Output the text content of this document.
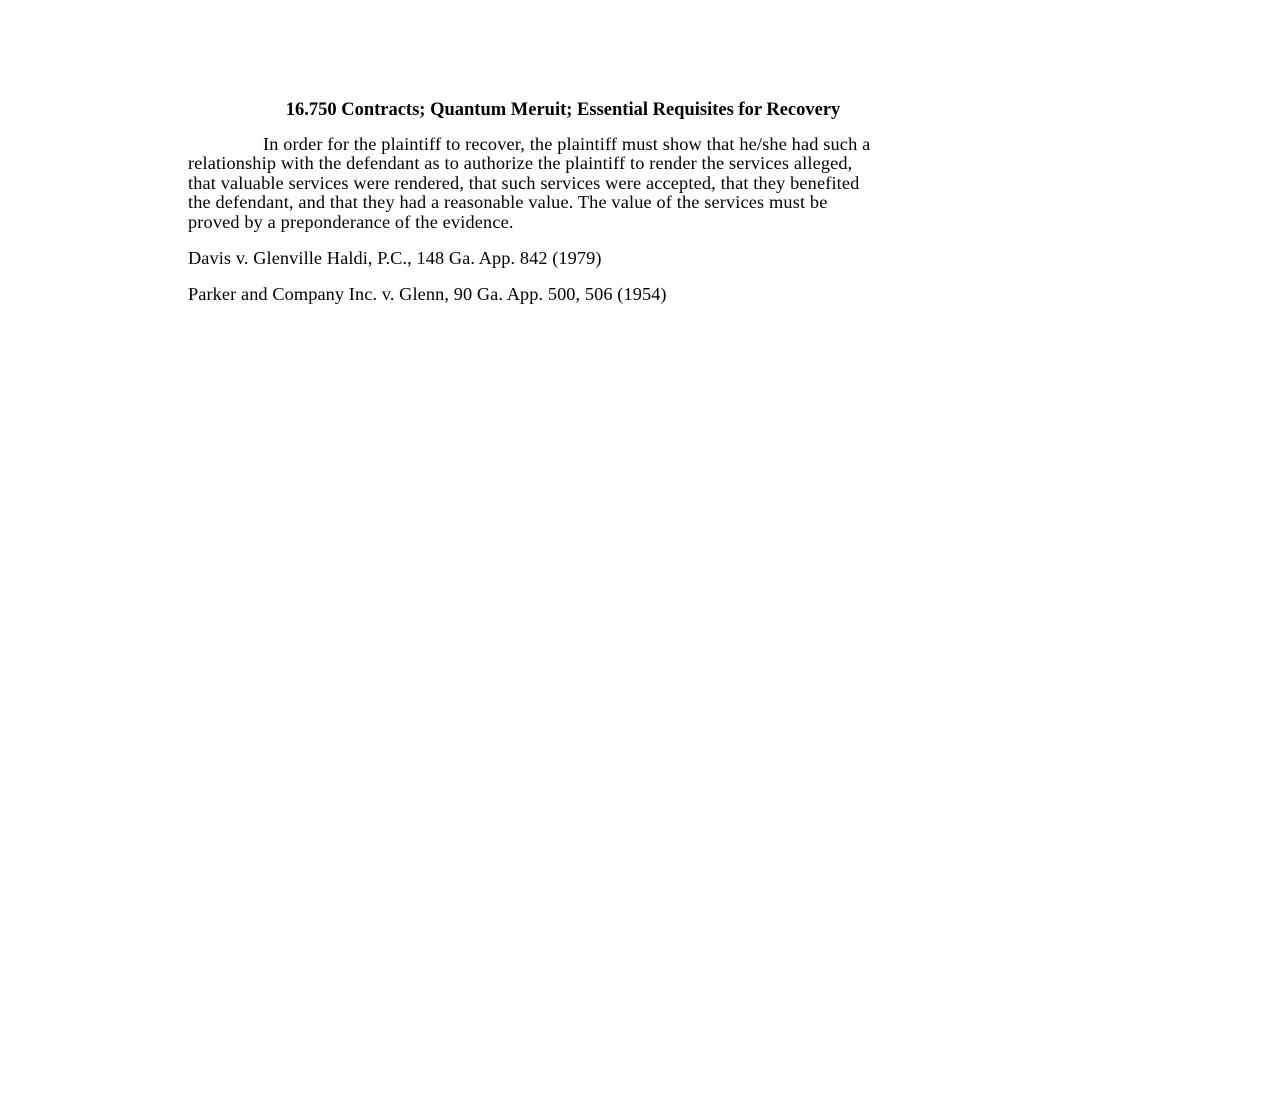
16.750 Contracts; Quantum Meruit; Essential Requisites for Recovery
In order for the plaintiff to recover, the plaintiff must show that he/she had such a
relationship with the defendant as to authorize the plaintiff to render the services alleged,
that valuable services were rendered, that such services were accepted, that they benefited
the defendant, and that they had a reasonable value. The value of the services must be
proved by a preponderance of the evidence.
Davis v. Glenville Haldi, P.C., 148 Ga. App. 842 (1979)
Parker and Company Inc. v. Glenn, 90 Ga. App. 500, 506 (1954)
